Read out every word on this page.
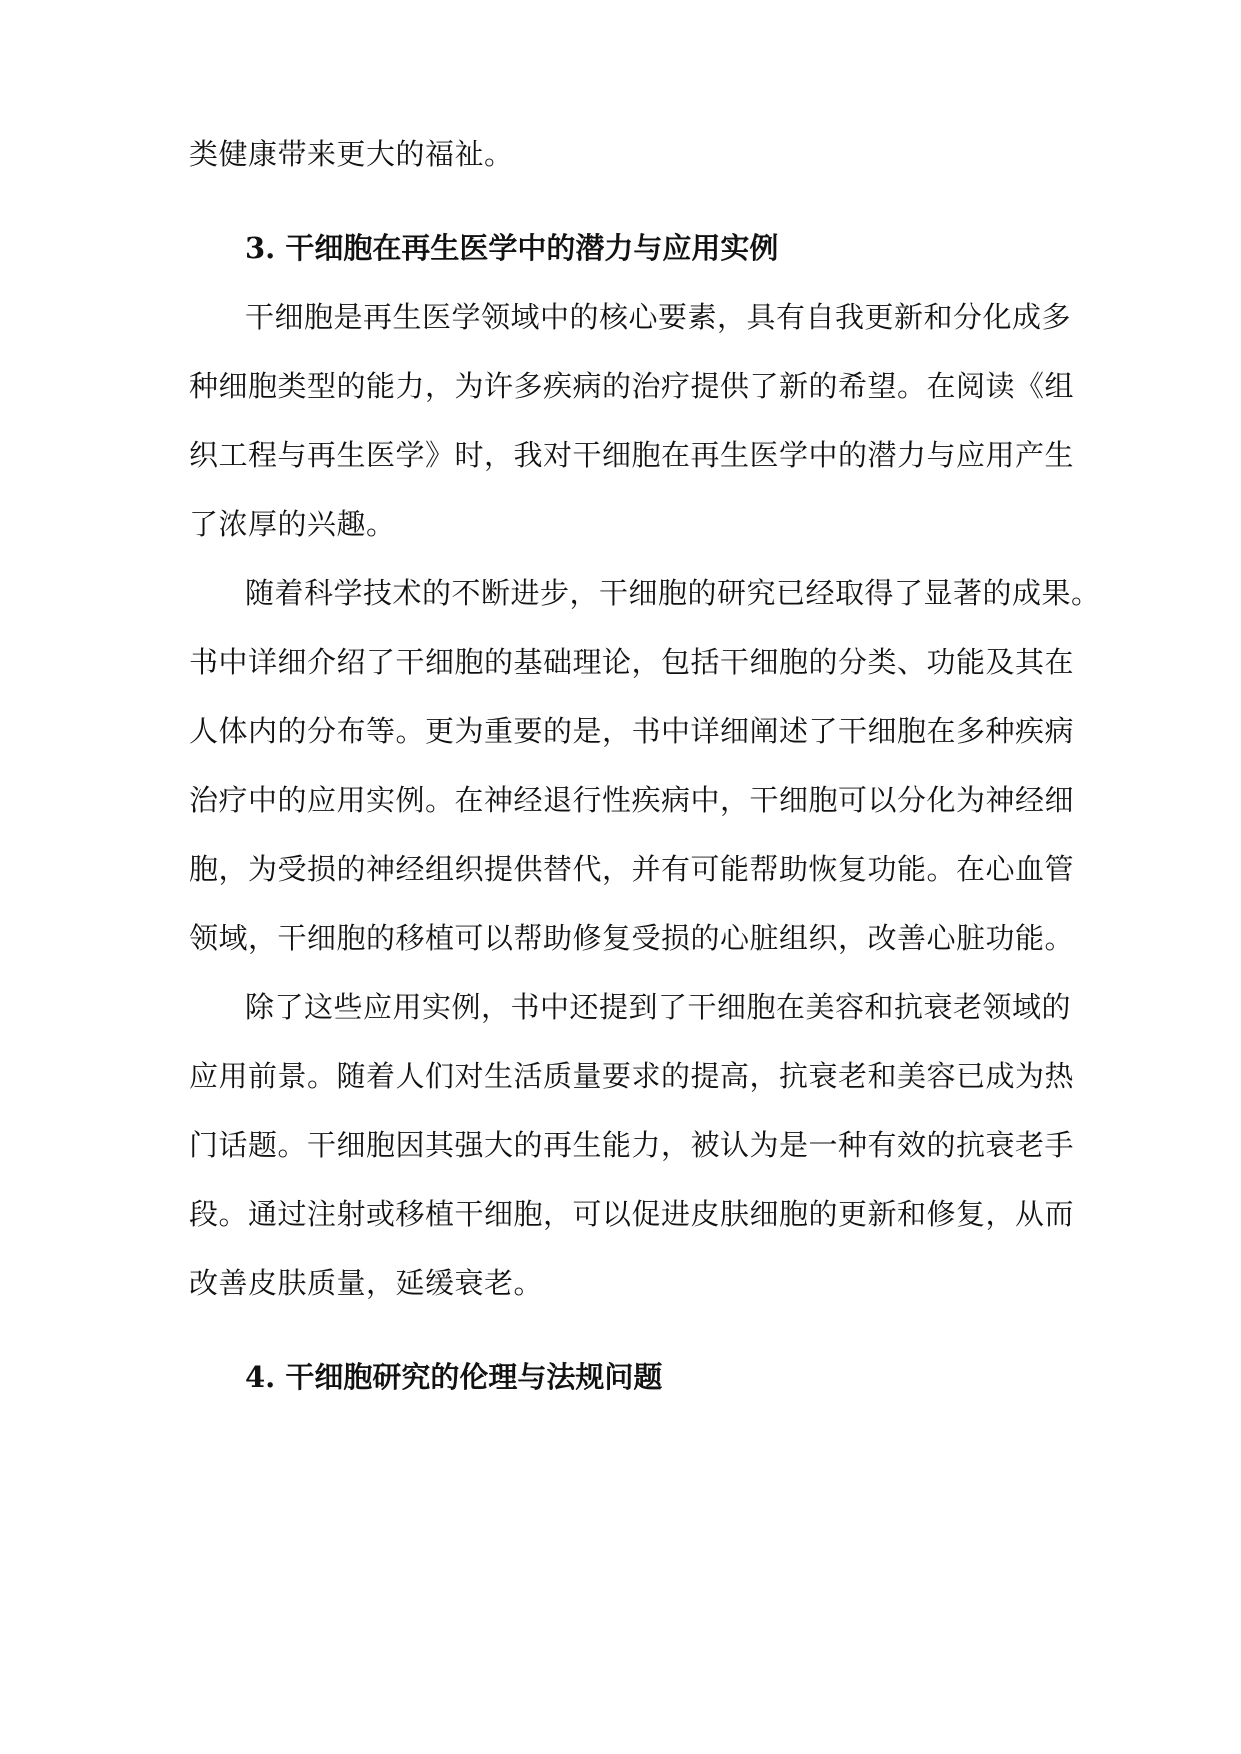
类健康带来更大的福祉。
3. 干细胞在再生医学中的潜力与应用实例
干细胞是再生医学领域中的核心要素，具有自我更新和分化成多
种细胞类型的能力，为许多疾病的治疗提供了新的希望。在阅读《组
织工程与再生医学》时，我对干细胞在再生医学中的潜力与应用产生
了浓厚的兴趣。
随着科学技术的不断进步，干细胞的研究已经取得了显著的成果。
书中详细介绍了干细胞的基础理论，包括干细胞的分类、功能及其在
人体内的分布等。更为重要的是，书中详细阐述了干细胞在多种疾病
治疗中的应用实例。在神经退行性疾病中，干细胞可以分化为神经细
胞，为受损的神经组织提供替代，并有可能帮助恢复功能。在心血管
领域，干细胞的移植可以帮助修复受损的心脏组织，改善心脏功能。
除了这些应用实例，书中还提到了干细胞在美容和抗衰老领域的
应用前景。随着人们对生活质量要求的提高，抗衰老和美容已成为热
门话题。干细胞因其强大的再生能力，被认为是一种有效的抗衰老手
段。通过注射或移植干细胞，可以促进皮肤细胞的更新和修复，从而
改善皮肤质量，延缓衰老。
4. 干细胞研究的伦理与法规问题
